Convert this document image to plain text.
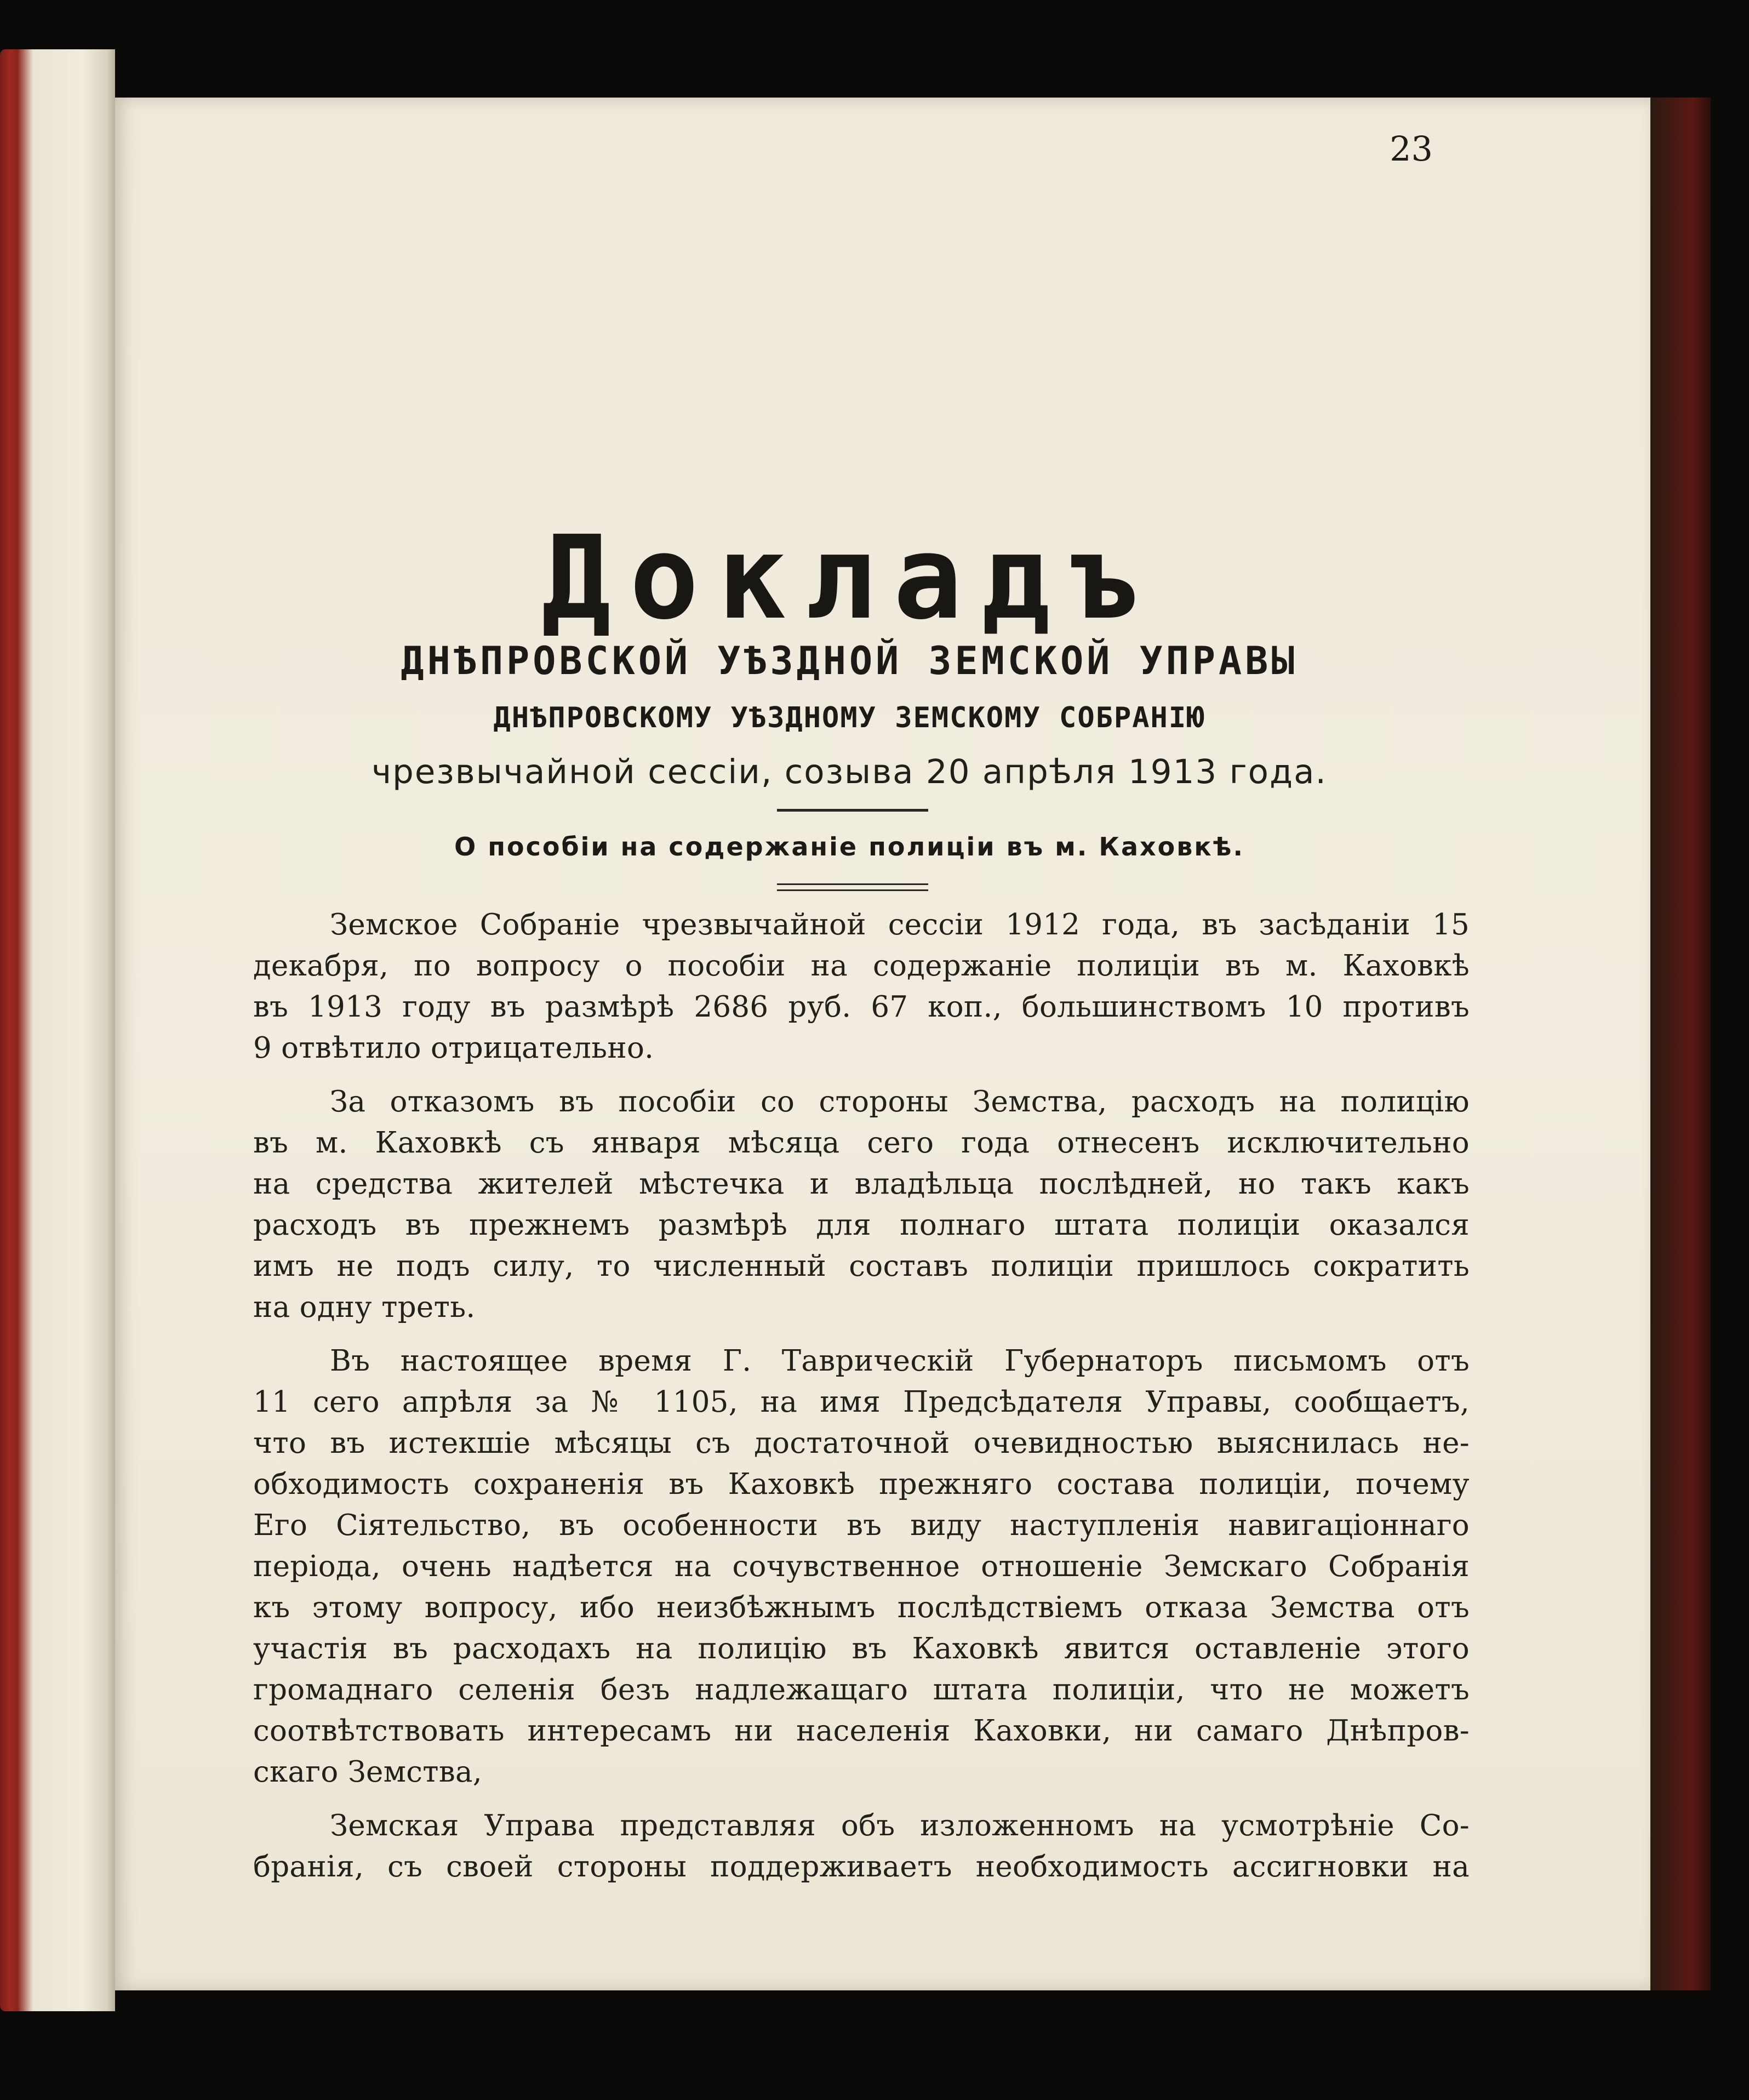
23
Докладъ
ДНѢПРОВСКОЙ УѢЗДНОЙ ЗЕМСКОЙ УПРАВЫ
ДНѢПРОВСКОМУ УѢЗДНОМУ ЗЕМСКОМУ СОБРАНІЮ
чрезвычайной сессіи, созыва 20 апрѣля 1913 года.
О пособіи на содержаніе полиціи въ м. Каховкѣ.
Земское Собраніе чрезвычайной сессіи 1912 года, въ засѣданіи 15
декабря, по вопросу о пособіи на содержаніе полиціи въ м. Каховкѣ
въ 1913 году въ размѣрѣ 2686 руб. 67 коп., большинствомъ 10 противъ
9 отвѣтило отрицательно.
За отказомъ въ пособіи со стороны Земства, расходъ на полицію
въ м. Каховкѣ съ января мѣсяца сего года отнесенъ исключительно
на средства жителей мѣстечка и владѣльца послѣдней, но такъ какъ
расходъ въ прежнемъ размѣрѣ для полнаго штата полиціи оказался
имъ не подъ силу, то численный составъ полиціи пришлось сократить
на одну треть.
Въ настоящее время Г. Таврическій Губернаторъ письмомъ отъ
11 сего апрѣля за № 1105, на имя Предсѣдателя Управы, сообщаетъ,
что въ истекшіе мѣсяцы съ достаточной очевидностью выяснилась не-
обходимость сохраненія въ Каховкѣ прежняго состава полиціи, почему
Его Сіятельство, въ особенности въ виду наступленія навигаціоннаго
періода, очень надѣется на сочувственное отношеніе Земскаго Собранія
къ этому вопросу, ибо неизбѣжнымъ послѣдствіемъ отказа Земства отъ
участія въ расходахъ на полицію въ Каховкѣ явится оставленіе этого
громаднаго селенія безъ надлежащаго штата полиціи, что не можетъ
соотвѣтствовать интересамъ ни населенія Каховки, ни самаго Днѣпров-
скаго Земства,
Земская Управа представляя объ изложенномъ на усмотрѣніе Со-
бранія, съ своей стороны поддерживаетъ необходимость ассигновки на
